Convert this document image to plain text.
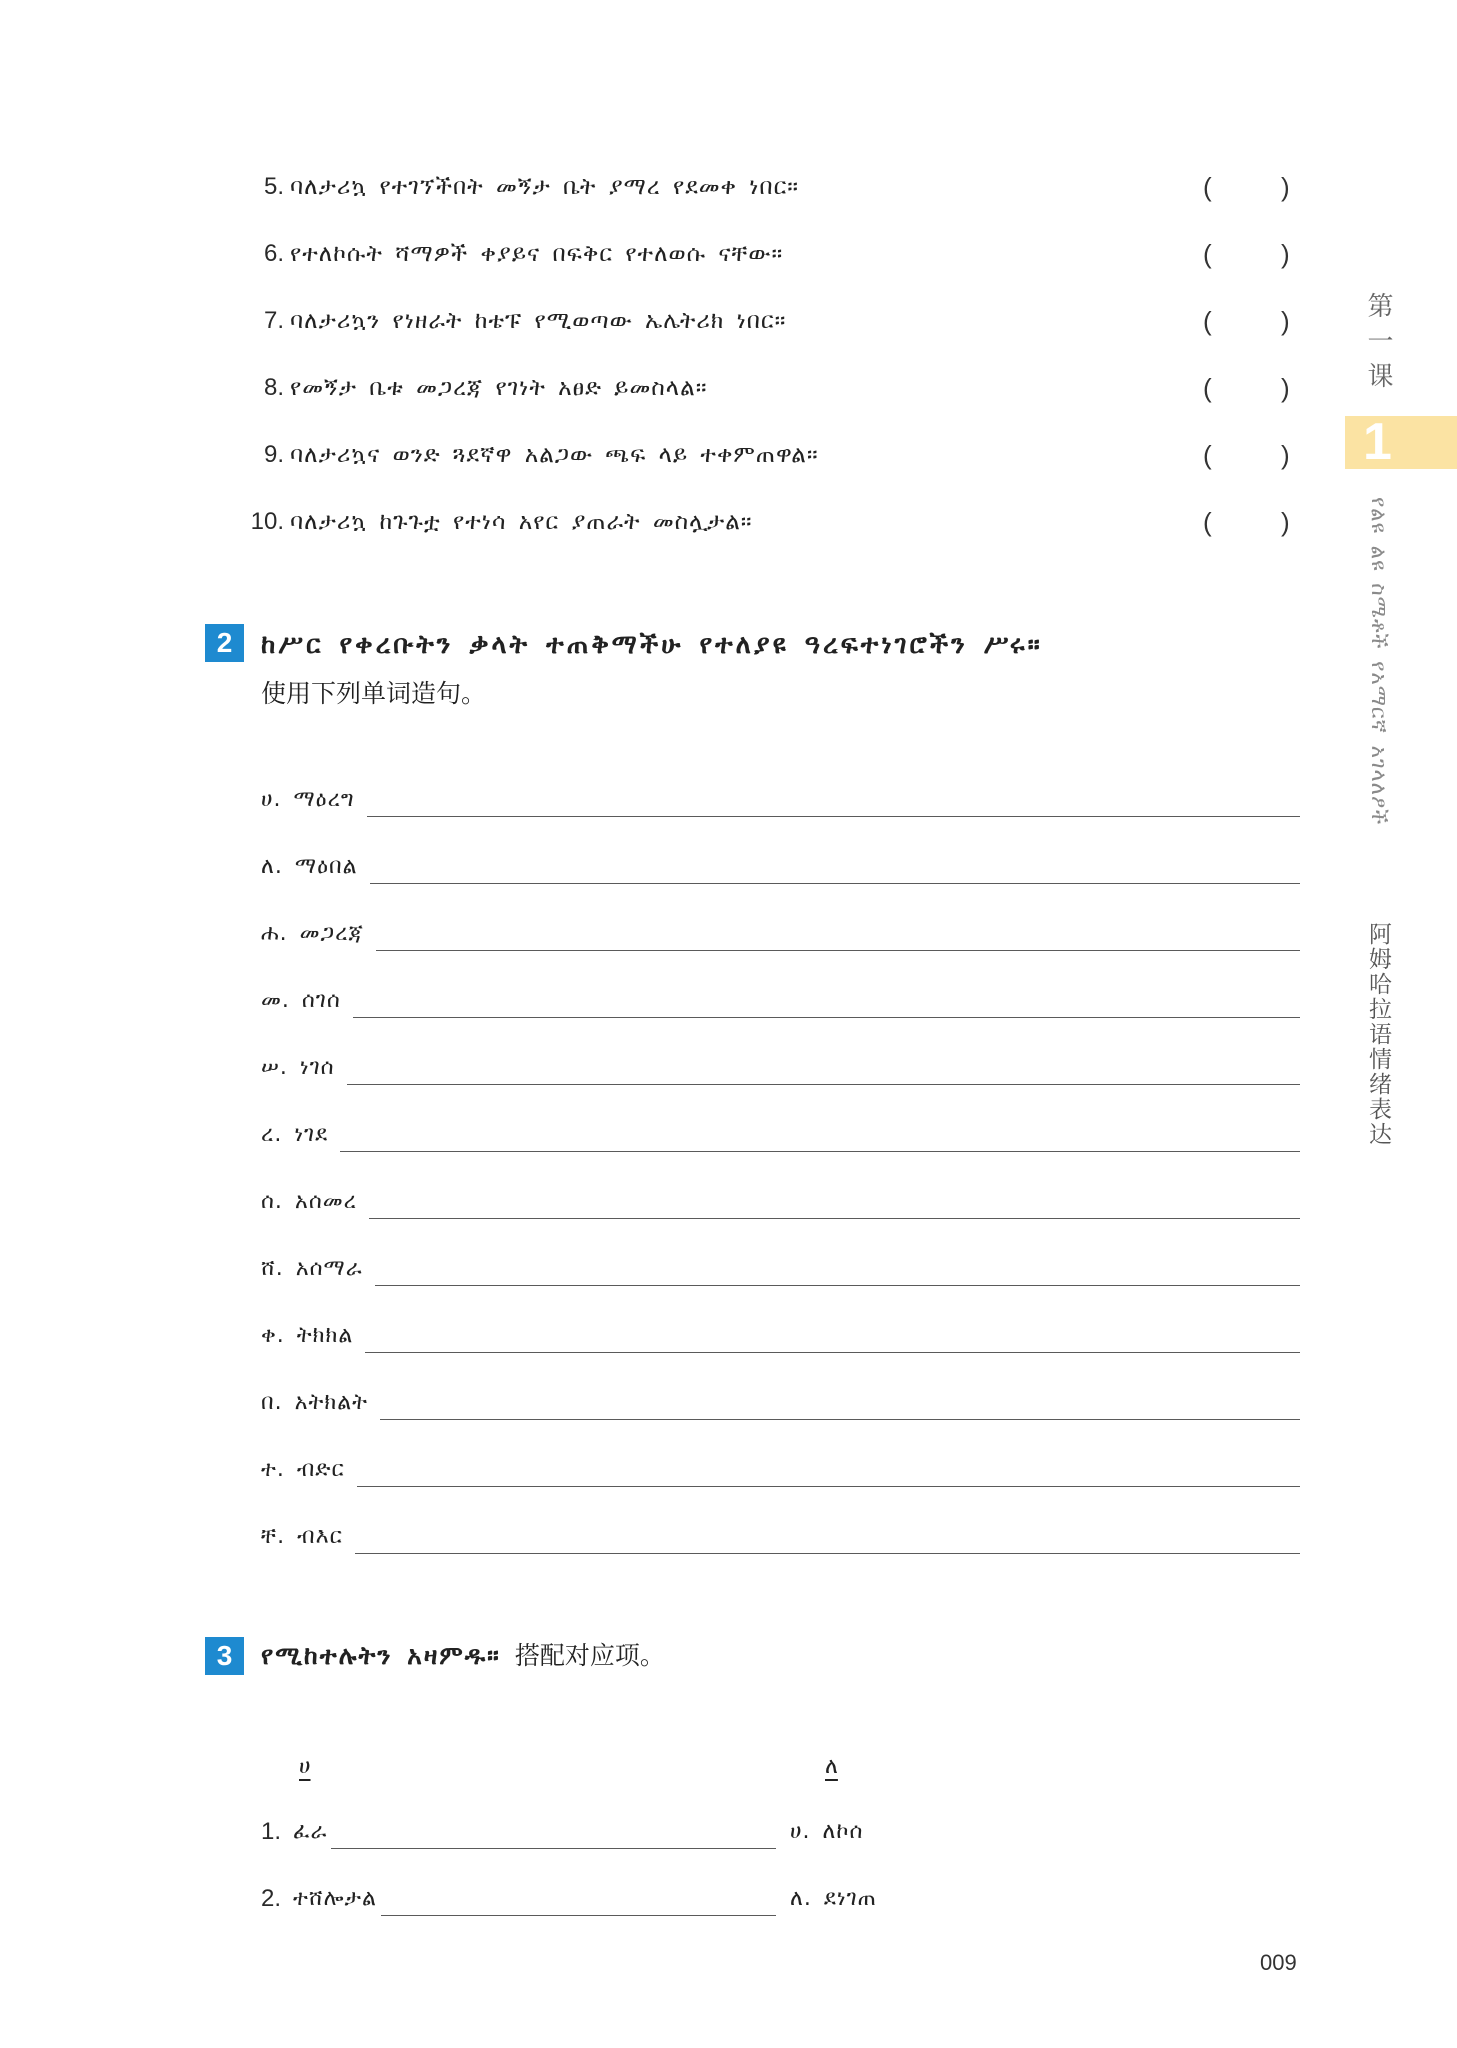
5. ባለታሪኳ የተገኘችበት መኝታ ቤት ያማረ የደመቀ ነበር።	(	)
6. የተለኮሱት ሻማዎች ቀያይና በፍቅር የተለወሱ ናቸው።	(	)
7. ባለታሪኳን የነዘራት ከቴፑ የሚወጣው ኤሌትሪክ ነበር።	(	)
8. የመኝታ ቤቱ መጋረጃ የገነት አፀድ ይመስላል።	(	)
9. ባለታሪኳና ወንድ ጓደኛዋ አልጋው ጫፍ ላይ ተቀምጠዋል።	(	)
10. ባለታሪኳ ከጉጉቷ የተነሳ አየር ያጠራት መስሏታል።	(	)
2	ከሥር የቀረቡትን ቃላት ተጠቅማችሁ የተለያዩ ዓረፍተነገሮችን ሥሩ።
使用下列单词造句。
ሀ. ማዕረግ
ለ. ማዕበል
ሐ. መጋረጃ
መ. ሰገሰ
ሠ. ነገሰ
ረ. ነገደ
ሰ. አሰመረ
ሸ. አሰማራ
ቀ. ትክክል
በ. አትክልት
ተ. ብድር
ቸ. ብእር
3	የሚከተሉትን አዛምዱ። 搭配对应项。
ሀ	ለ
1. ፈራ	ሀ. ለኮሰ
2. ተሸሎታል	ለ. ደነገጠ
第一课
1
የልዩ ልዩ ስሜቶች የአማርኛ አገላለፆች
阿姆哈拉语情绪表达
009
